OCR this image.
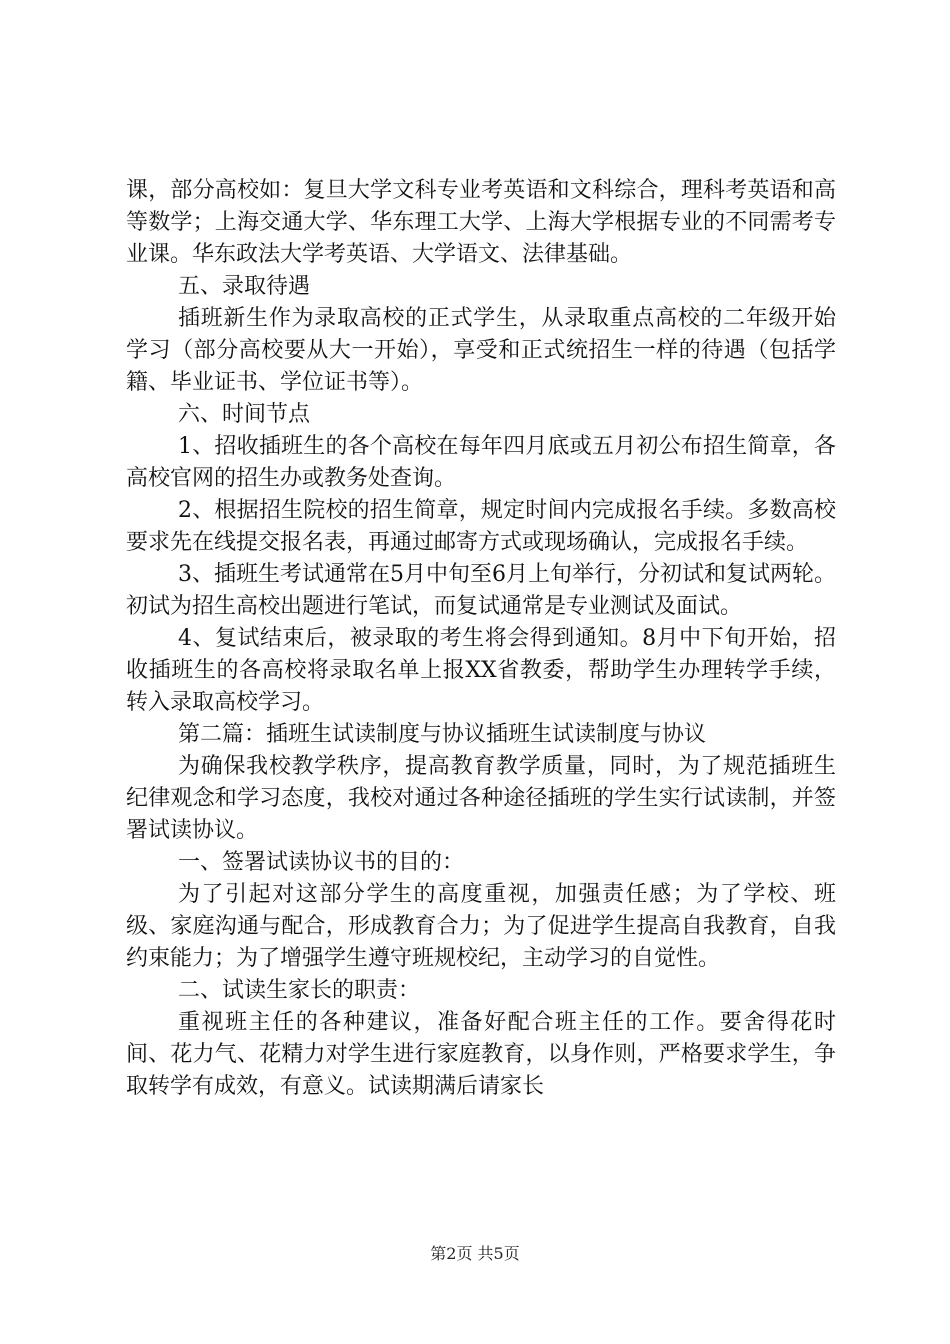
课，部分高校如：复旦大学文科专业考英语和文科综合，理科考英语和高等数学；上海交通大学、华东理工大学、上海大学根据专业的不同需考专业课。华东政法大学考英语、大学语文、法律基础。

五、录取待遇

插班新生作为录取高校的正式学生，从录取重点高校的二年级开始学习（部分高校要从大一开始），享受和正式统招生一样的待遇（包括学籍、毕业证书、学位证书等）。

六、时间节点

1、招收插班生的各个高校在每年四月底或五月初公布招生简章，各高校官网的招生办或教务处查询。

2、根据招生院校的招生简章，规定时间内完成报名手续。多数高校要求先在线提交报名表，再通过邮寄方式或现场确认，完成报名手续。

3、插班生考试通常在5月中旬至6月上旬举行，分初试和复试两轮。初试为招生高校出题进行笔试，而复试通常是专业测试及面试。

4、复试结束后，被录取的考生将会得到通知。8月中下旬开始，招收插班生的各高校将录取名单上报XX省教委，帮助学生办理转学手续，转入录取高校学习。

第二篇：插班生试读制度与协议插班生试读制度与协议

为确保我校教学秩序，提高教育教学质量，同时，为了规范插班生纪律观念和学习态度，我校对通过各种途径插班的学生实行试读制，并签署试读协议。

一、签署试读协议书的目的：

为了引起对这部分学生的高度重视，加强责任感；为了学校、班级、家庭沟通与配合，形成教育合力；为了促进学生提高自我教育，自我约束能力；为了增强学生遵守班规校纪，主动学习的自觉性。

二、试读生家长的职责：

重视班主任的各种建议，准备好配合班主任的工作。要舍得花时间、花力气、花精力对学生进行家庭教育，以身作则，严格要求学生，争取转学有成效，有意义。试读期满后请家长

第2页 共5页
